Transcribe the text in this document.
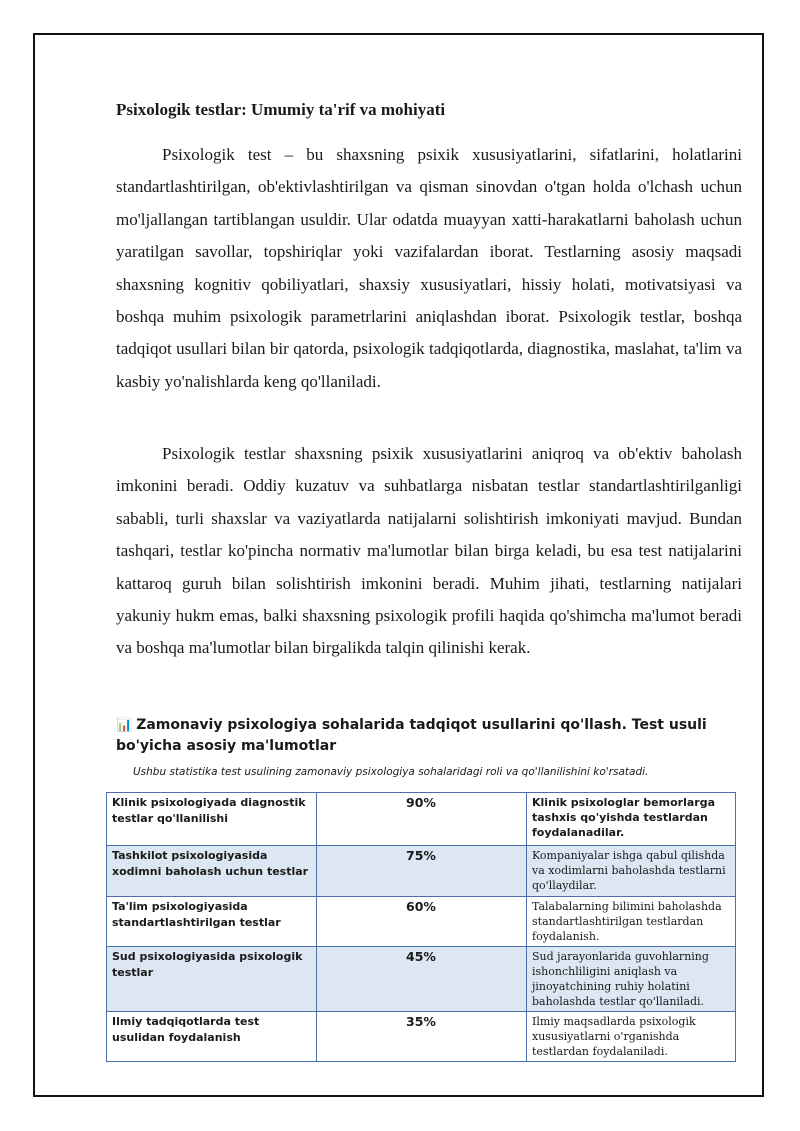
Psixologik testlar: Umumiy ta'rif va mohiyati

Psixologik test – bu shaxsning psixik xususiyatlarini, sifatlarini, holatlarini standartlashtirilgan, ob'ektivlashtirilgan va qisman sinovdan o'tgan holda o'lchash uchun mo'ljallangan tartiblangan usuldir. Ular odatda muayyan xatti-harakatlarni baholash uchun yaratilgan savollar, topshiriqlar yoki vazifalardan iborat. Testlarning asosiy maqsadi shaxsning kognitiv qobiliyatlari, shaxsiy xususiyatlari, hissiy holati, motivatsiyasi va boshqa muhim psixologik parametrlarini aniqlashdan iborat. Psixologik testlar, boshqa tadqiqot usullari bilan bir qatorda, psixologik tadqiqotlarda, diagnostika, maslahat, ta'lim va kasbiy yo'nalishlarda keng qo'llaniladi.

Psixologik testlar shaxsning psixik xususiyatlarini aniqroq va ob'ektiv baholash imkonini beradi. Oddiy kuzatuv va suhbatlarga nisbatan testlar standartlashtirilganligi sababli, turli shaxslar va vaziyatlarda natijalarni solishtirish imkoniyati mavjud. Bundan tashqari, testlar ko'pincha normativ ma'lumotlar bilan birga keladi, bu esa test natijalarini kattaroq guruh bilan solishtirish imkonini beradi. Muhim jihati, testlarning natijalari yakuniy hukm emas, balki shaxsning psixologik profili haqida qo'shimcha ma'lumot beradi va boshqa ma'lumotlar bilan birgalikda talqin qilinishi kerak.

📊 Zamonaviy psixologiya sohalarida tadqiqot usullarini qo'llash. Test usuli bo'yicha asosiy ma'lumotlar

Ushbu statistika test usulining zamonaviy psixologiya sohalaridagi roli va qo'llanilishini ko'rsatadi.

Klinik psixologiyada diagnostik testlar qo'llanilishi	90%	Klinik psixologlar bemorlarga tashxis qo'yishda testlardan foydalanadilar.
Tashkilot psixologiyasida xodimni baholash uchun testlar	75%	Kompaniyalar ishga qabul qilishda va xodimlarni baholashda testlarni qo'llaydilar.
Ta'lim psixologiyasida standartlashtirilgan testlar	60%	Talabalarning bilimini baholashda standartlashtirilgan testlardan foydalanish.
Sud psixologiyasida psixologik testlar	45%	Sud jarayonlarida guvohlarning ishonchliligini aniqlash va jinoyatchining ruhiy holatini baholashda testlar qo'llaniladi.
Ilmiy tadqiqotlarda test usulidan foydalanish	35%	Ilmiy maqsadlarda psixologik xususiyatlarni o'rganishda testlardan foydalaniladi.
